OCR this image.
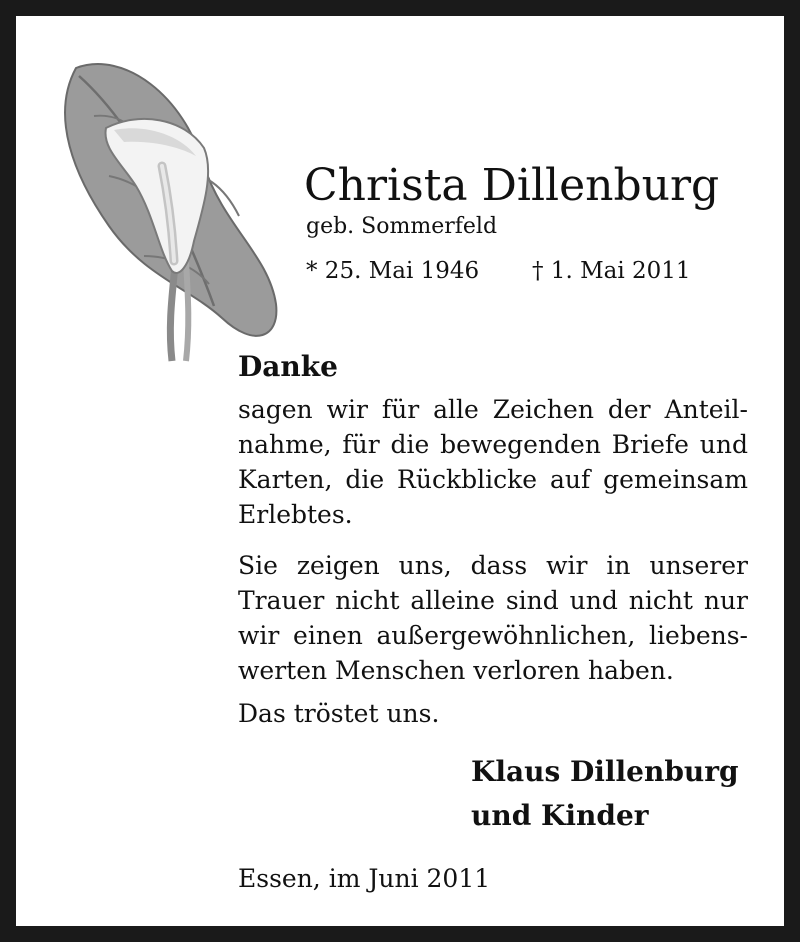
Christa Dillenburg
geb. Sommerfeld
* 25. Mai 1946 † 1. Mai 2011
Danke
sagen wir für alle Zeichen der Anteil-
nahme, für die bewegenden Briefe und
Karten, die Rückblicke auf gemeinsam
Erlebtes.
Sie zeigen uns, dass wir in unserer
Trauer nicht alleine sind und nicht nur
wir einen außergewöhnlichen, liebens-
werten Menschen verloren haben.
Das tröstet uns.
Klaus Dillenburg
und Kinder
Essen, im Juni 2011
